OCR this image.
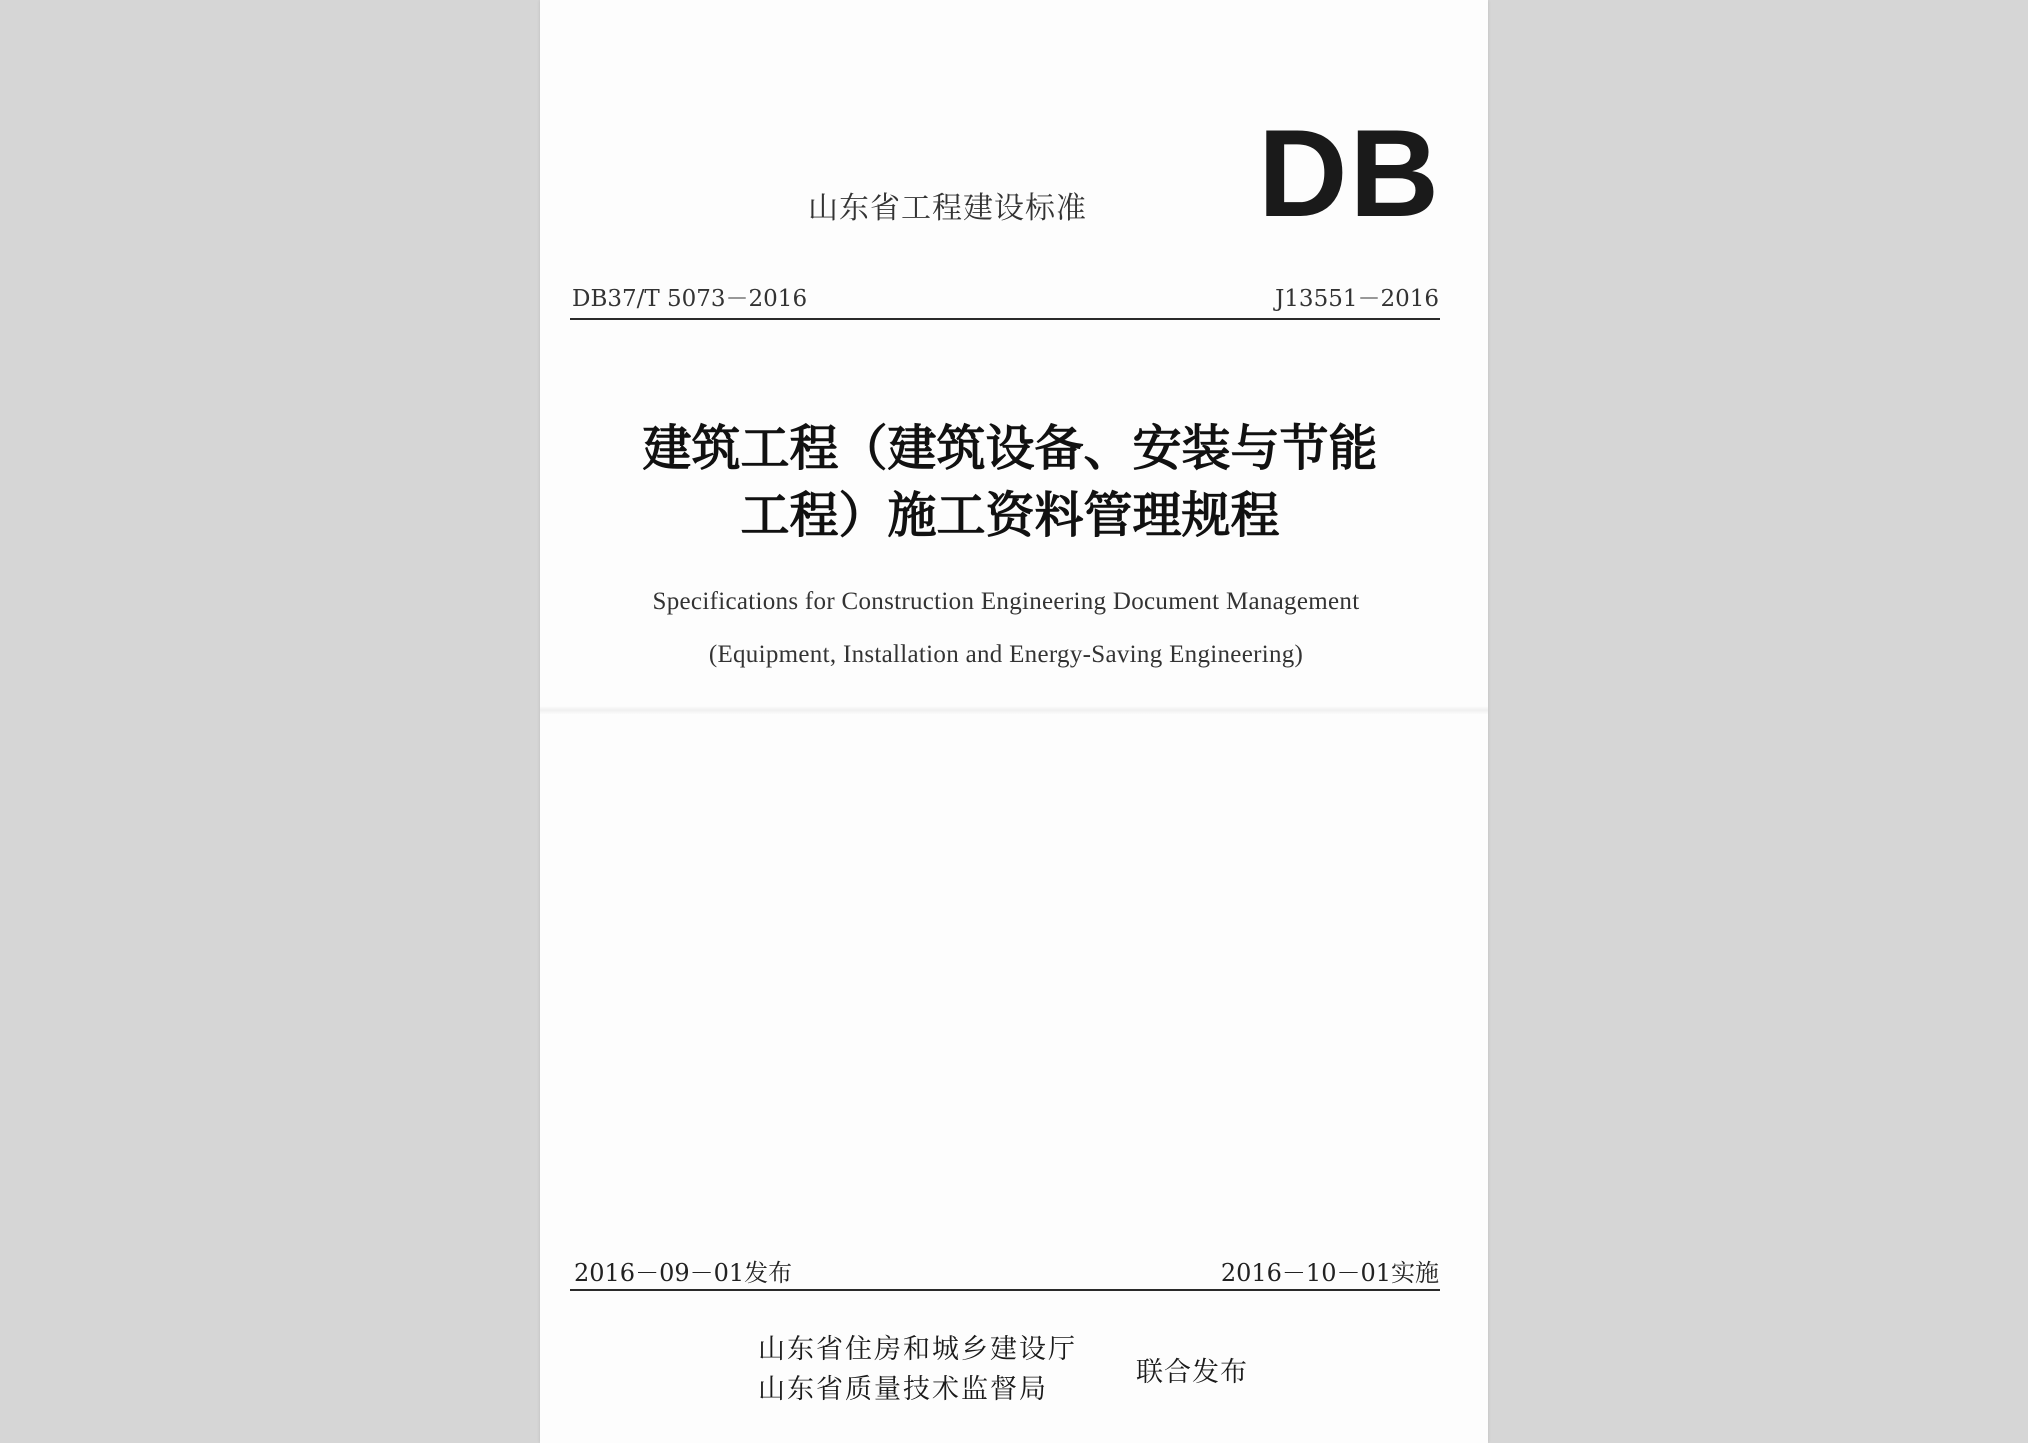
山东省工程建设标准	DB
DB37/T 5073－2016	J13551－2016
建筑工程（建筑设备、安装与节能
工程）施工资料管理规程
Specifications for Construction Engineering Document Management
(Equipment, Installation and Energy-Saving Engineering)
2016－09－01发布	2016－10－01实施
山东省住房和城乡建设厅
山东省质量技术监督局
联合发布
